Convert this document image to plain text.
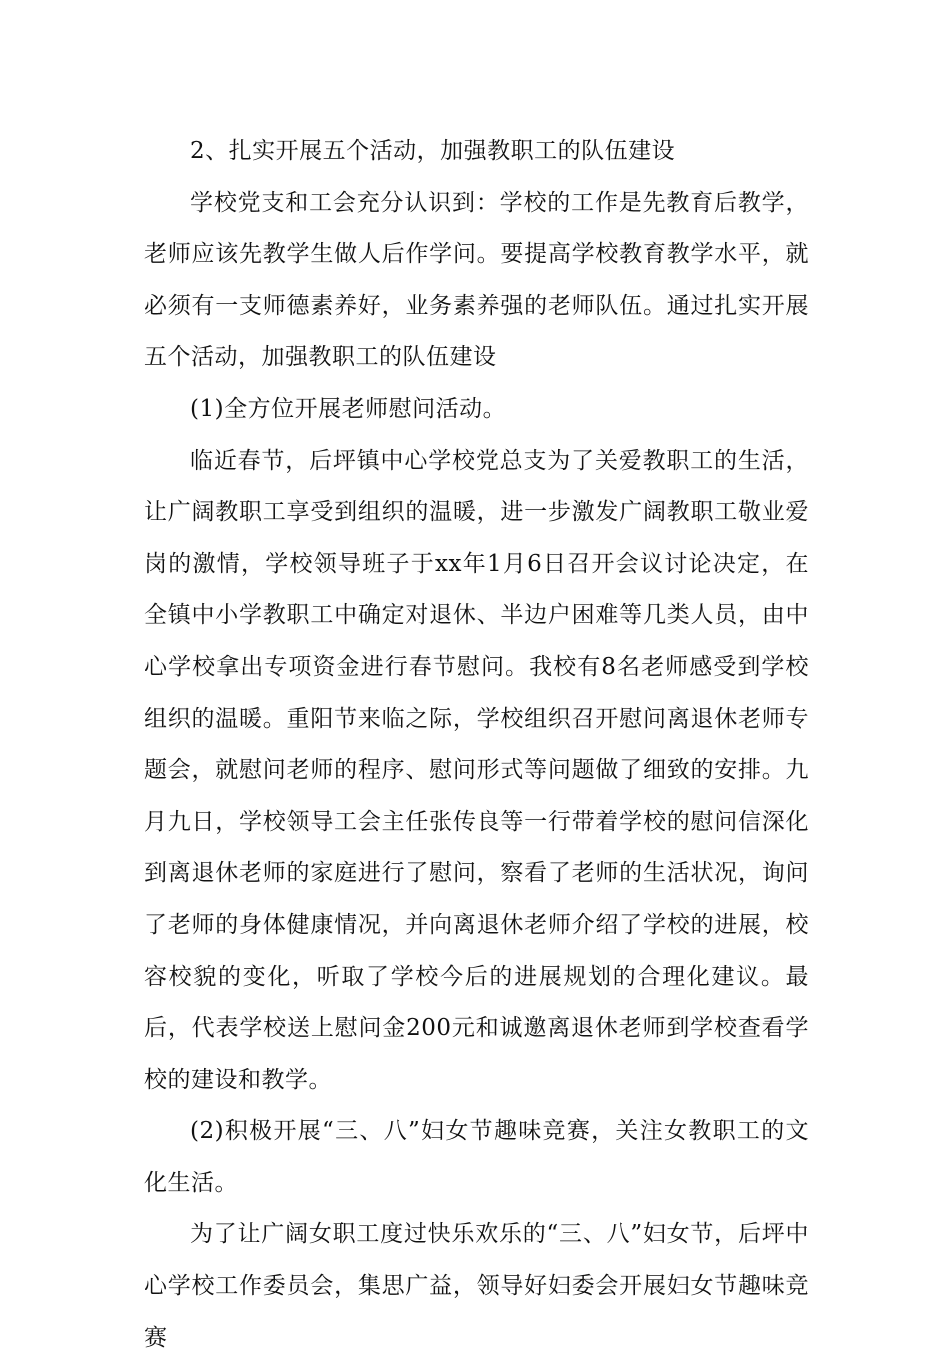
2、扎实开展五个活动，加强教职工的队伍建设

学校党支和工会充分认识到：学校的工作是先教育后教学，老师应该先教学生做人后作学问。要提高学校教育教学水平，就必须有一支师德素养好，业务素养强的老师队伍。通过扎实开展五个活动，加强教职工的队伍建设

(1)全方位开展老师慰问活动。

临近春节，后坪镇中心学校党总支为了关爱教职工的生活，让广阔教职工享受到组织的温暖，进一步激发广阔教职工敬业爱岗的激情，学校领导班子于xx年1月6日召开会议讨论决定，在全镇中小学教职工中确定对退休、半边户困难等几类人员，由中心学校拿出专项资金进行春节慰问。我校有8名老师感受到学校组织的温暖。重阳节来临之际，学校组织召开慰问离退休老师专题会，就慰问老师的程序、慰问形式等问题做了细致的安排。九月九日，学校领导工会主任张传良等一行带着学校的慰问信深化到离退休老师的家庭进行了慰问，察看了老师的生活状况，询问了老师的身体健康情况，并向离退休老师介绍了学校的进展，校容校貌的变化，听取了学校今后的进展规划的合理化建议。最后，代表学校送上慰问金200元和诚邀离退休老师到学校查看学校的建设和教学。

(2)积极开展“三、八”妇女节趣味竞赛，关注女教职工的文化生活。

为了让广阔女职工度过快乐欢乐的“三、八”妇女节，后坪中心学校工作委员会，集思广益，领导好妇委会开展妇女节趣味竞赛
